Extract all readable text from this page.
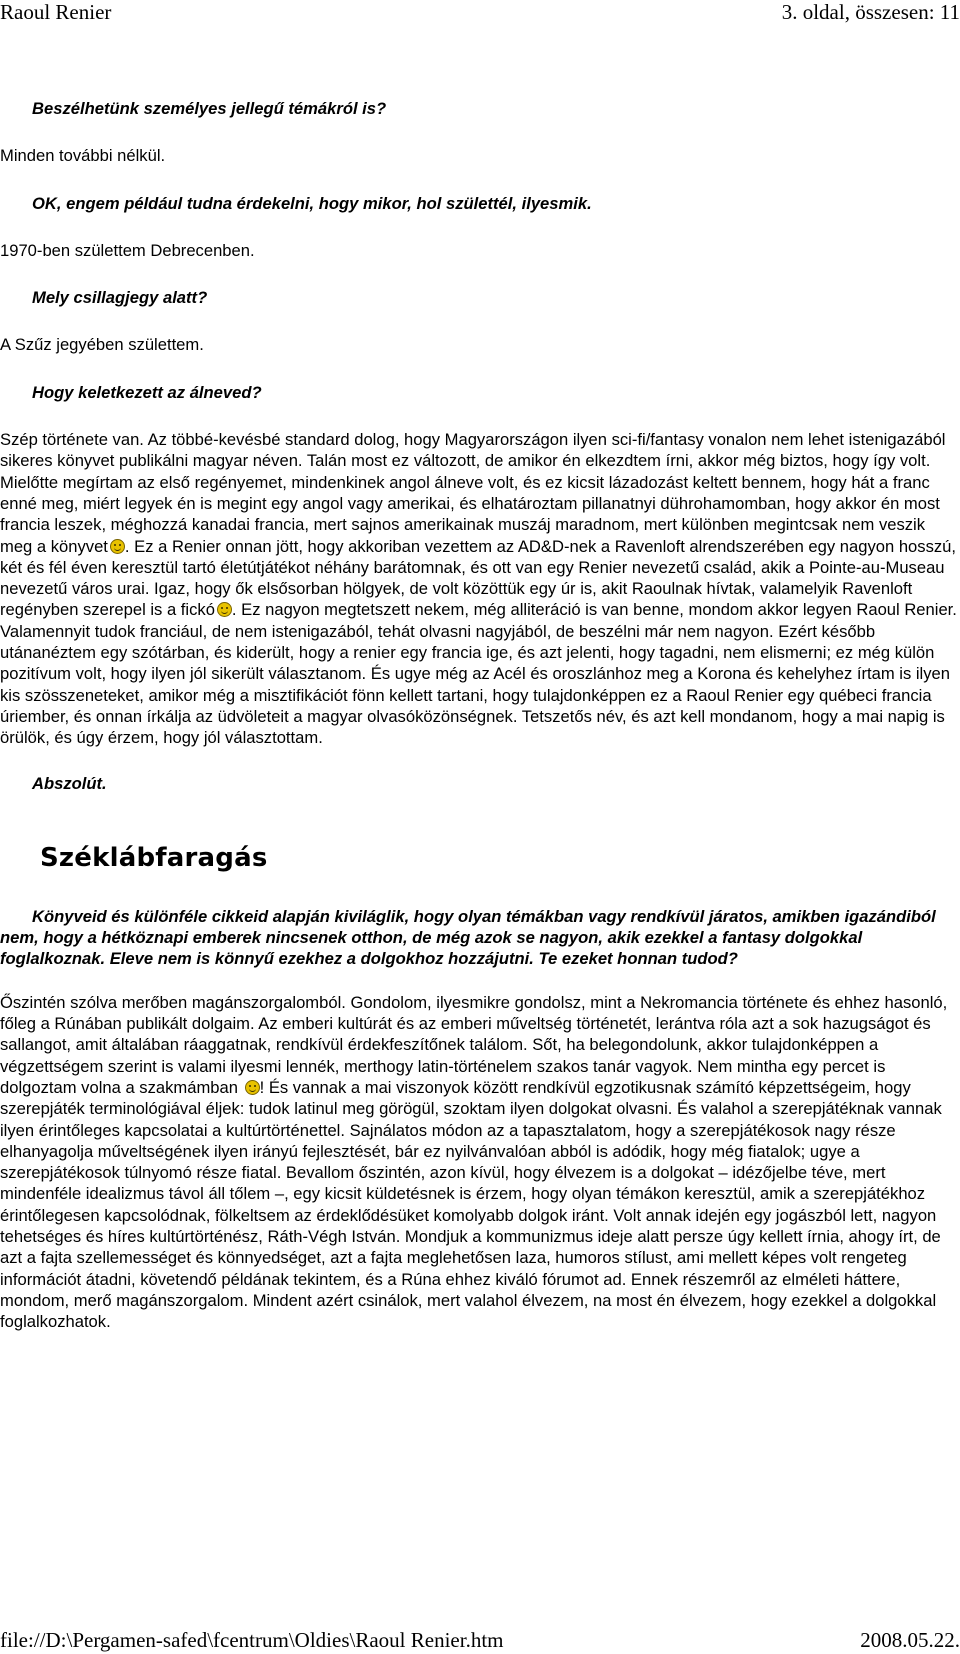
Raoul Renier	3. oldal, összesen: 11
Beszélhetünk személyes jellegű témákról is?
Minden további nélkül.
OK, engem például tudna érdekelni, hogy mikor, hol születtél, ilyesmik.
1970-ben születtem Debrecenben.
Mely csillagjegy alatt?
A Szűz jegyében születtem.
Hogy keletkezett az álneved?
Szép története van. Az többé-kevésbé standard dolog, hogy Magyarországon ilyen sci-fi/fantasy vonalon nem lehet istenigazából sikeres könyvet publikálni magyar néven. Talán most ez változott, de amikor én elkezdtem írni, akkor még biztos, hogy így volt. Mielőtte megírtam az első regényemet, mindenkinek angol álneve volt, és ez kicsit lázadozást keltett bennem, hogy hát a franc enné meg, miért legyek én is megint egy angol vagy amerikai, és elhatároztam pillanatnyi dührohamomban, hogy akkor én most francia leszek, méghozzá kanadai francia, mert sajnos amerikainak muszáj maradnom, mert különben megintcsak nem veszik meg a könyvet . Ez a Renier onnan jött, hogy akkoriban vezettem az AD&D-nek a Ravenloft alrendszerében egy nagyon hosszú, két és fél éven keresztül tartó életútjátékot néhány barátomnak, és ott van egy Renier nevezetű család, akik a Pointe-au-Museau nevezetű város urai. Igaz, hogy ők elsősorban hölgyek, de volt közöttük egy úr is, akit Raoulnak hívtak, valamelyik Ravenloft regényben szerepel is a fickó . Ez nagyon megtetszett nekem, még alliteráció is van benne, mondom akkor legyen Raoul Renier. Valamennyit tudok franciául, de nem istenigazából, tehát olvasni nagyjából, de beszélni már nem nagyon. Ezért később utánanéztem egy szótárban, és kiderült, hogy a renier egy francia ige, és azt jelenti, hogy tagadni, nem elismerni; ez még külön pozitívum volt, hogy ilyen jól sikerült választanom. És ugye még az Acél és oroszlánhoz meg a Korona és kehelyhez írtam is ilyen kis szösszeneteket, amikor még a misztifikációt fönn kellett tartani, hogy tulajdonképpen ez a Raoul Renier egy québeci francia úriember, és onnan írkálja az üdvöleteit a magyar olvasóközönségnek. Tetszetős név, és azt kell mondanom, hogy a mai napig is örülök, és úgy érzem, hogy jól választottam.
Abszolút.
Széklábfaragás
Könyveid és különféle cikkeid alapján kiviláglik, hogy olyan témákban vagy rendkívül járatos, amikben igazándiból nem, hogy a hétköznapi emberek nincsenek otthon, de még azok se nagyon, akik ezekkel a fantasy dolgokkal foglalkoznak. Eleve nem is könnyű ezekhez a dolgokhoz hozzájutni. Te ezeket honnan tudod?
Őszintén szólva merőben magánszorgalomból. Gondolom, ilyesmikre gondolsz, mint a Nekromancia története és ehhez hasonló, főleg a Rúnában publikált dolgaim. Az emberi kultúrát és az emberi műveltség történetét, lerántva róla azt a sok hazugságot és sallangot, amit általában ráaggatnak, rendkívül érdekfeszítőnek találom. Sőt, ha belegondolunk, akkor tulajdonképpen a végzettségem szerint is valami ilyesmi lennék, merthogy latin-történelem szakos tanár vagyok. Nem mintha egy percet is dolgoztam volna a szakmámban ! És vannak a mai viszonyok között rendkívül egzotikusnak számító képzettségeim, hogy szerepjáték terminológiával éljek: tudok latinul meg görögül, szoktam ilyen dolgokat olvasni. És valahol a szerepjátéknak vannak ilyen érintőleges kapcsolatai a kultúrtörténettel. Sajnálatos módon az a tapasztalatom, hogy a szerepjátékosok nagy része elhanyagolja műveltségének ilyen irányú fejlesztését, bár ez nyilvánvalóan abból is adódik, hogy még fiatalok; ugye a szerepjátékosok túlnyomó része fiatal. Bevallom őszintén, azon kívül, hogy élvezem is a dolgokat – idézőjelbe téve, mert mindenféle idealizmus távol áll tőlem –, egy kicsit küldetésnek is érzem, hogy olyan témákon keresztül, amik a szerepjátékhoz érintőlegesen kapcsolódnak, fölkeltsem az érdeklődésüket komolyabb dolgok iránt. Volt annak idején egy jogászból lett, nagyon tehetséges és híres kultúrtörténész, Ráth-Végh István. Mondjuk a kommunizmus ideje alatt persze úgy kellett írnia, ahogy írt, de azt a fajta szellemességet és könnyedséget, azt a fajta meglehetősen laza, humoros stílust, ami mellett képes volt rengeteg információt átadni, követendő példának tekintem, és a Rúna ehhez kiváló fórumot ad. Ennek részemről az elméleti háttere, mondom, merő magánszorgalom. Mindent azért csinálok, mert valahol élvezem, na most én élvezem, hogy ezekkel a dolgokkal foglalkozhatok.
file://D:\Pergamen-safed\fcentrum\Oldies\Raoul Renier.htm	2008.05.22.
